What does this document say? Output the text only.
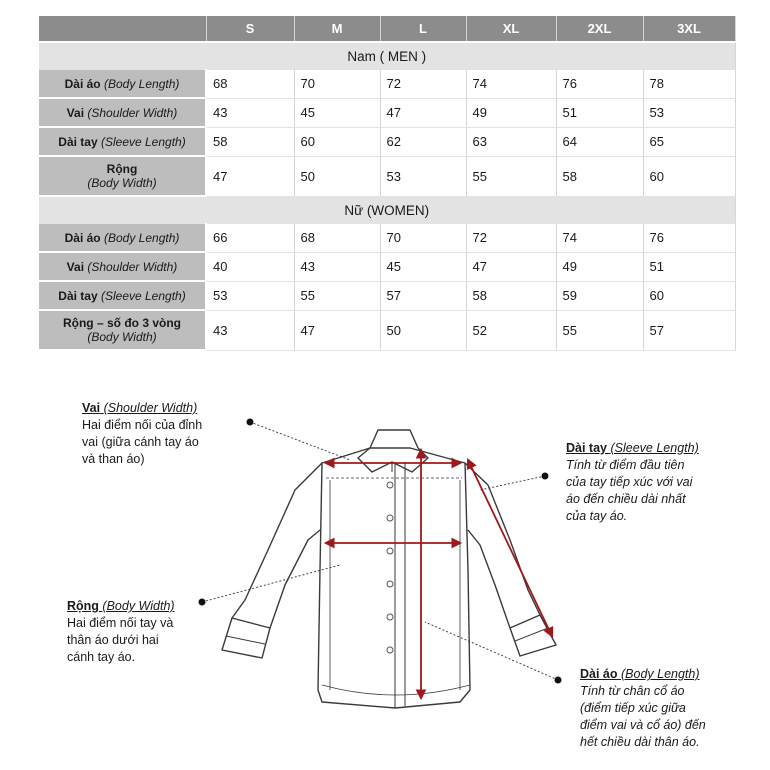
	S	M	L	XL	2XL	3XL
Nam ( MEN )						
Dài áo (Body Length)	68	70	72	74	76	78
Vai (Shoulder Width)	43	45	47	49	51	53
Dài tay (Sleeve Length)	58	60	62	63	64	65
Rộng
(Body Width)	47	50	53	55	58	60
Nữ (WOMEN)						
Dài áo (Body Length)	66	68	70	72	74	76
Vai (Shoulder Width)	40	43	45	47	49	51
Dài tay (Sleeve Length)	53	55	57	58	59	60
Rộng – số đo 3 vòng
(Body Width)	43	47	50	52	55	57
Vai (Shoulder Width)
Hai điểm nối của đỉnh
vai (giữa cánh tay áo
và than áo)
Rộng (Body Width)
Hai điểm nối tay và
thân áo dưới hai
cánh tay áo.
Dài tay (Sleeve Length)
Tính từ điểm đầu tiên
của tay tiếp xúc với vai
áo đến chiều dài nhất
của tay áo.
Dài áo (Body Length)
Tính từ chân cổ áo
(điểm tiếp xúc giữa
điểm vai và cổ áo) đến
hết chiều dài thân áo.
